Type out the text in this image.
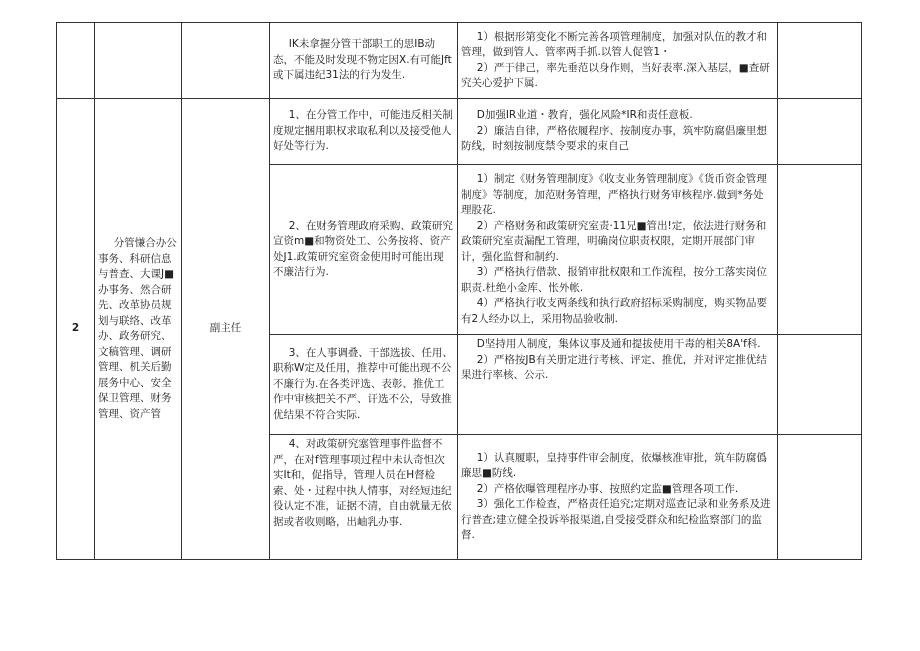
			IK未拿握分管干部职工的思IB动态，不能及时发现不物定因X.有可能Jft或下属违纪31法的行为发生.	1）根据形第变化不断完善各项管理制度，加强对队伍的教才和管理，做到管人、管率两手抓.以管人促管1・

2）严于律己，率先垂范以身作则，当好表率.深入基层，■查研究关心爱护下属.	

2	分管慊合办公事务、科研信息与普查、大课J■办事务、然合研先、改革协员规划与联络、改革办、政务研究、文稿管理、调研管理、机关后勤展务中心、安全保卫管理、财务管理、资产管	副主任	1、在分管工作中，可能违反相关制度规定捆用职权求取私利以及接受他人好处等行为.	D加强IR业道・教育，强化风险*IR和责任意板.

2）廉洁自律，严格依履程序、按制度办事，筑牢防腐倡廉里想防线，时刻按制度禁令要求的束自己	

			2、在财务管理政府采购、政策研究宣资m■和物资处工、公务按将、资产处J1.政策研究室资金使用时可能出现不廉洁行为.	1）制定《财务管理制度》《收支业务管理制度》《货币资金管理制度》等制度，加范财务管理，严格执行财务审核程序.做到*务处理股花.

2）产格财务和政策研究室责·11兄■管出!定，依法进行财务和政策研究室责漏配工管理，明确岗位职责权限，定期开展部门审计，强化监督和制约.

3）严格执行借款、报销审批权限和工作流程，按分工落实岗位职责.杜绝小金库、怅外帐.

4）严格执行收支两条线和执行政府招标采购制度，购买物品要有2人经办以上，采用物品验收制.	

			3、在人事调叠、干部选拔、任用、职称W定及任用，推荐中可能出现不公不廉行为.在各类评选、表彰、推优工作中审核把关不严、讦选不公，导致推优结果不符合实际.	D坚持用人制度，集体议事及通和提拔使用干毒的相关8A'f科.

2）严格按JB有关册定进行考核、评定、推优，并对评定推优结果进行率核、公示.	

			4、对政策研究塞管理事件监督不严，在对f管理事项过程中未认奇怛次实It和，促指导，管理人员在H督检索、处・过程中执人情事，对经短违纪役认定不准，证据不清，自由就量无依据或者收则略，出岫乳办事.	1）认真履职，皇持事件审会制度，依爆核准审批，筑车防腐僞廉思■防线.

2）产格依曝管理程序办事、按照约定监■管理各项工作.

3）强化工作检查，严格责任追究;定期对巡查记录和业务系及进行普查;建立健全投诉举报渠道,自受接受群众和纪检监察部门的监督.	
